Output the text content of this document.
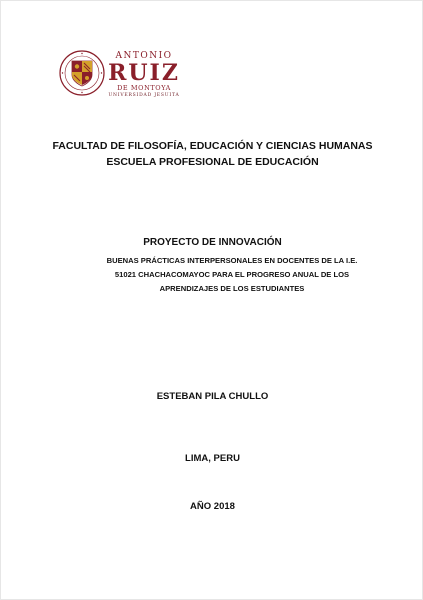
ANTONIO
RUIZ
DE MONTOYA
UNIVERSIDAD JESUITA
FACULTAD DE FILOSOFÍA, EDUCACIÓN Y CIENCIAS HUMANAS
ESCUELA PROFESIONAL DE EDUCACIÓN
PROYECTO DE INNOVACIÓN
BUENAS PRÁCTICAS INTERPERSONALES EN DOCENTES DE LA I.E.
51021 CHACHACOMAYOC PARA EL PROGRESO ANUAL DE LOS
APRENDIZAJES DE LOS ESTUDIANTES
ESTEBAN PILA CHULLO
LIMA, PERU
AÑO 2018
